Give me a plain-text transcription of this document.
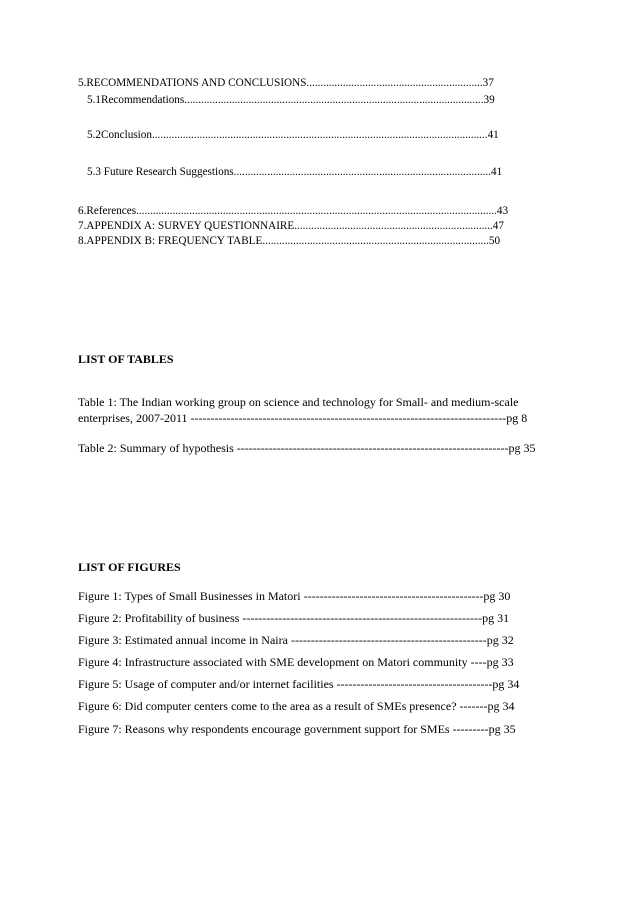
5.RECOMMENDATIONS AND CONCLUSIONS...............................................................37
5.1Recommendations...........................................................................................................39
5.2Conclusion........................................................................................................................41
5.3 Future Research Suggestions............................................................................................41
6.References.................................................................................................................................43
7.APPENDIX A: SURVEY QUESTIONNAIRE.......................................................................47
8.APPENDIX B: FREQUENCY TABLE.................................................................................50
LIST OF TABLES
Table 1: The Indian working group on science and technology for Small- and medium-scale
enterprises, 2007-2011 -------------------------------------------------------------------------------pg 8
Table 2: Summary of hypothesis --------------------------------------------------------------------pg 35
LIST OF FIGURES
Figure 1: Types of Small Businesses in Matori ---------------------------------------------pg 30
Figure 2: Profitability of business ------------------------------------------------------------pg 31
Figure 3: Estimated annual income in Naira -------------------------------------------------pg 32
Figure 4: Infrastructure associated with SME development on Matori community ----pg 33
Figure 5: Usage of computer and/or internet facilities ---------------------------------------pg 34
Figure 6: Did computer centers come to the area as a result of SMEs presence? -------pg 34
Figure 7: Reasons why respondents encourage government support for SMEs ---------pg 35
